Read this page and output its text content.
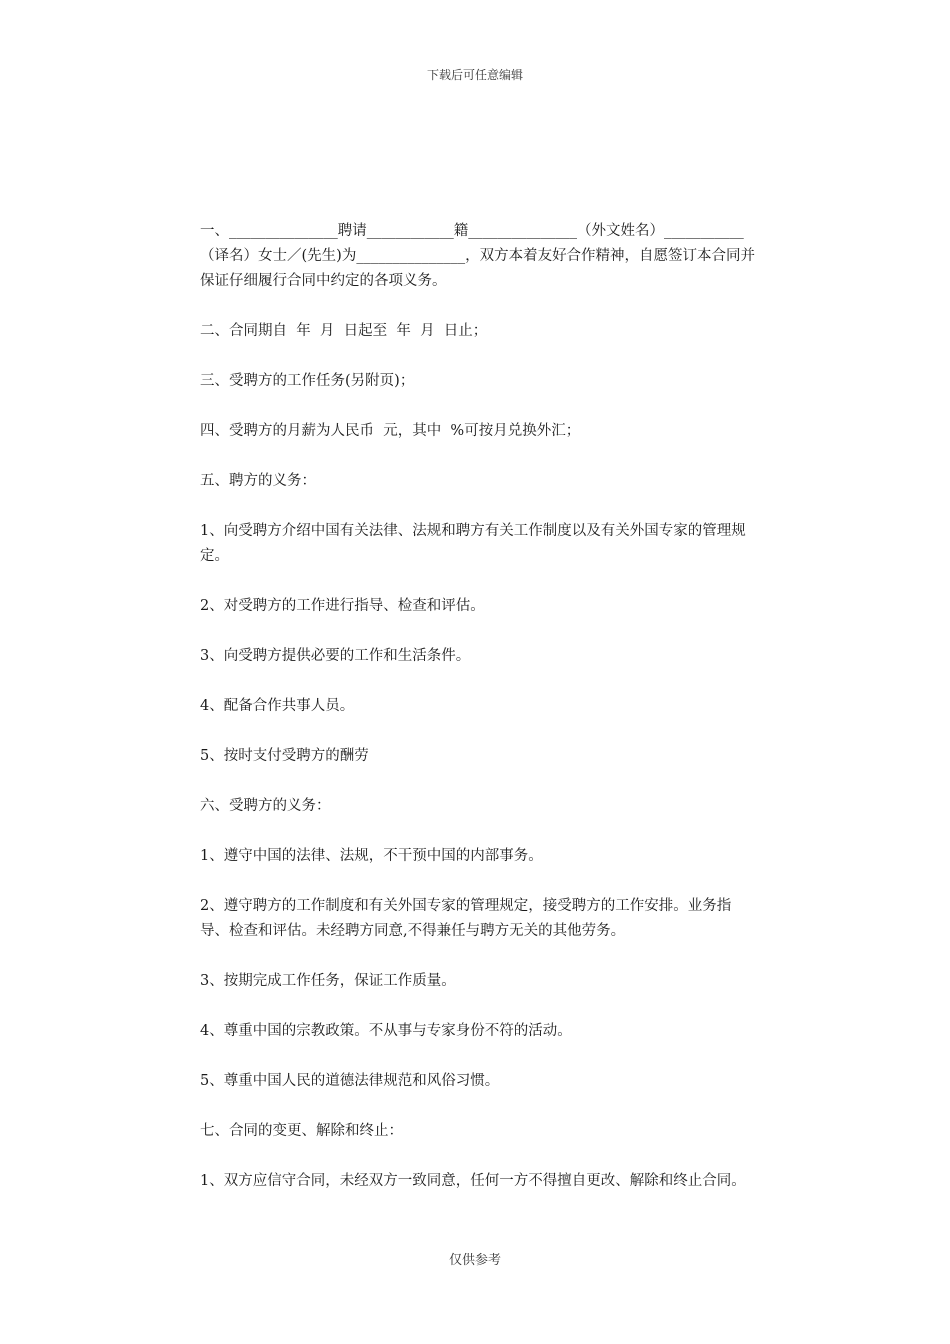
下载后可任意编辑

一、_______________聘请____________籍_______________（外文姓名）___________（译名）女士／(先生)为_______________，双方本着友好合作精神，自愿签订本合同并保证仔细履行合同中约定的各项义务。

二、合同期自  年  月  日起至  年  月  日止；

三、受聘方的工作任务(另附页)；

四、受聘方的月薪为人民币  元，其中  %可按月兑换外汇；

五、聘方的义务：

1、向受聘方介绍中国有关法律、法规和聘方有关工作制度以及有关外国专家的管理规定。

2、对受聘方的工作进行指导、检查和评估。

3、向受聘方提供必要的工作和生活条件。

4、配备合作共事人员。

5、按时支付受聘方的酬劳

六、受聘方的义务：

1、遵守中国的法律、法规，不干预中国的内部事务。

2、遵守聘方的工作制度和有关外国专家的管理规定，接受聘方的工作安排。业务指导、检查和评估。未经聘方同意,不得兼任与聘方无关的其他劳务。

3、按期完成工作任务，保证工作质量。

4、尊重中国的宗教政策。不从事与专家身份不符的活动。

5、尊重中国人民的道德法律规范和风俗习惯。

七、合同的变更、解除和终止：

1、双方应信守合同，未经双方一致同意，任何一方不得擅自更改、解除和终止合同。

仅供参考
